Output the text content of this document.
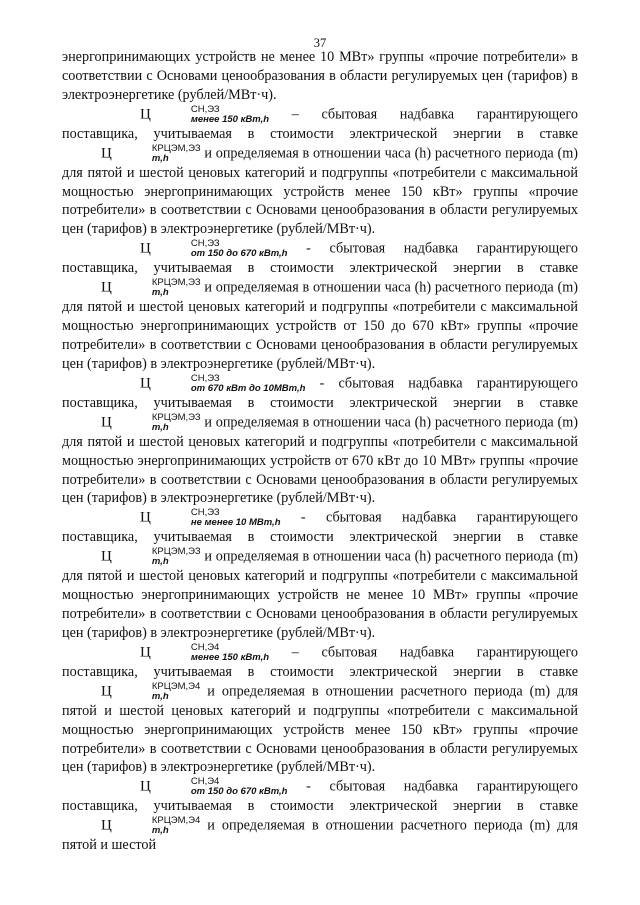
37

энергопринимающих устройств не менее 10 МВт» группы «прочие потребители» в соответствии с Основами ценообразования в области регулируемых цен (тарифов) в электроэнергетике (рублей/МВт·ч).

Ц	СН,ЭЗ
менее 150 кВт,h – сбытовая надбавка гарантирующего поставщика, учитываемая в стоимости электрической энергии в ставке Ц	КРЦЭМ,ЭЗ
m,h	и определяемая в отношении часа (h) расчетного периода (m) для пятой и шестой ценовых категорий и подгруппы «потребители с максимальной мощностью энергопринимающих устройств менее 150 кВт» группы «прочие потребители» в соответствии с Основами ценообразования в области регулируемых цен (тарифов) в электроэнергетике (рублей/МВт·ч).

Ц	СН,ЭЗ
от 150 до 670 кВт,h - сбытовая надбавка гарантирующего поставщика, учитываемая в стоимости электрической энергии в ставке Ц	КРЦЭМ,ЭЗ
m,h	и определяемая в отношении часа (h) расчетного периода (m) для пятой и шестой ценовых категорий и подгруппы «потребители с максимальной мощностью энергопринимающих устройств от 150 до 670 кВт» группы «прочие потребители» в соответствии с Основами ценообразования в области регулируемых цен (тарифов) в электроэнергетике (рублей/МВт·ч).

Ц	СН,ЭЗ
от 670 кВт до 10МВт,h - сбытовая надбавка гарантирующего поставщика, учитываемая в стоимости электрической энергии в ставке Ц	КРЦЭМ,ЭЗ
m,h	и определяемая в отношении часа (h) расчетного периода (m) для пятой и шестой ценовых категорий и подгруппы «потребители с максимальной мощностью энергопринимающих устройств от 670 кВт до 10 МВт» группы «прочие потребители» в соответствии с Основами ценообразования в области регулируемых цен (тарифов) в электроэнергетике (рублей/МВт·ч).

Ц	СН,ЭЗ
не менее 10 МВт,h - сбытовая надбавка гарантирующего поставщика, учитываемая в стоимости электрической энергии в ставке Ц	КРЦЭМ,ЭЗ
m,h	и определяемая в отношении часа (h) расчетного периода (m) для пятой и шестой ценовых категорий и подгруппы «потребители с максимальной мощностью энергопринимающих устройств не менее 10 МВт» группы «прочие потребители» в соответствии с Основами ценообразования в области регулируемых цен (тарифов) в электроэнергетике (рублей/МВт·ч).

Ц	СН,Э4
менее 150 кВт,h – сбытовая надбавка гарантирующего поставщика, учитываемая в стоимости электрической энергии в ставке Ц	КРЦЭМ,Э4
m,h	и определяемая в отношении расчетного периода (m) для пятой и шестой ценовых категорий и подгруппы «потребители с максимальной мощностью энергопринимающих устройств менее 150 кВт» группы «прочие потребители» в соответствии с Основами ценообразования в области регулируемых цен (тарифов) в электроэнергетике (рублей/МВт·ч).

Ц	СН,Э4
от 150 до 670 кВт,h - сбытовая надбавка гарантирующего поставщика, учитываемая в стоимости электрической энергии в ставке Ц	КРЦЭМ,Э4
m,h	и определяемая в отношении расчетного периода (m) для пятой и шестой
